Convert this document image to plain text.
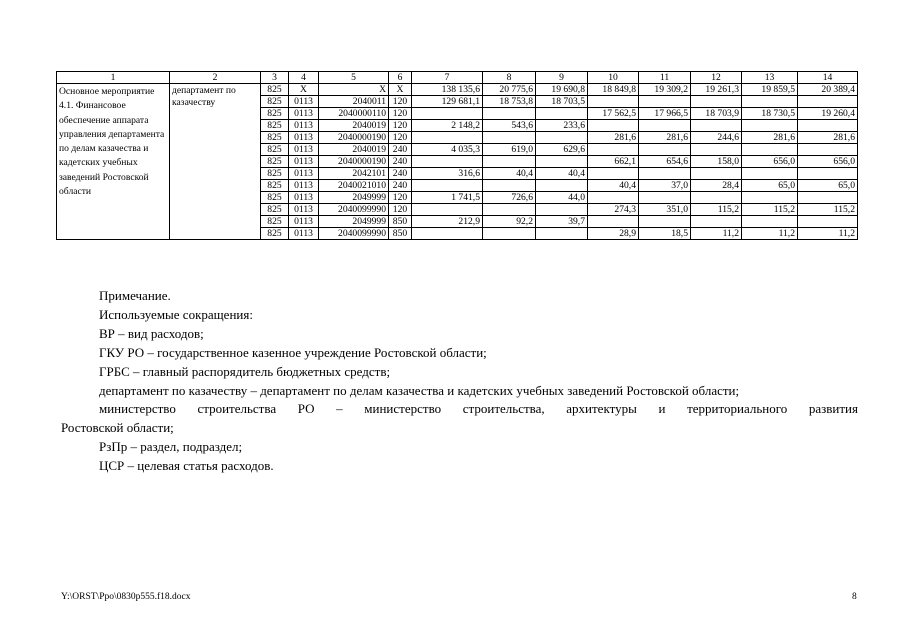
1	2	3	4	5	6	7	8	9	10	11	12	13	14
Основное мероприятие 4.1. Финансовое обеспечение аппарата управления департамента по делам казачества и кадетских учебных заведений Ростовской области	департамент по казачеству	825	Х	Х	Х	138 135,6	20 775,6	19 690,8	18 849,8	19 309,2	19 261,3	19 859,5	20 389,4
		825	0113	2040011	120	129 681,1	18 753,8	18 703,5					
		825	0113	2040000110	120				17 562,5	17 966,5	18 703,9	18 730,5	19 260,4
		825	0113	2040019	120	2 148,2	543,6	233,6					
		825	0113	2040000190	120				281,6	281,6	244,6	281,6	281,6
		825	0113	2040019	240	4 035,3	619,0	629,6					
		825	0113	2040000190	240				662,1	654,6	158,0	656,0	656,0
		825	0113	2042101	240	316,6	40,4	40,4					
		825	0113	2040021010	240				40,4	37,0	28,4	65,0	65,0
		825	0113	2049999	120	1 741,5	726,6	44,0					
		825	0113	2040099990	120				274,3	351,0	115,2	115,2	115,2
		825	0113	2049999	850	212,9	92,2	39,7					
		825	0113	2040099990	850				28,9	18,5	11,2	11,2	11,2

Примечание.

Используемые сокращения:

ВР – вид расходов;

ГКУ РО – государственное казенное учреждение Ростовской области;

ГРБС – главный распорядитель бюджетных средств;

департамент по казачеству – департамент по делам казачества и кадетских учебных заведений Ростовской области;

министерство строительства РО – министерство строительства, архитектуры и территориального развития

Ростовской области;

РзПр – раздел, подраздел;

ЦСР – целевая статья расходов.

Y:\ORST\Ppo\0830p555.f18.docx	8
